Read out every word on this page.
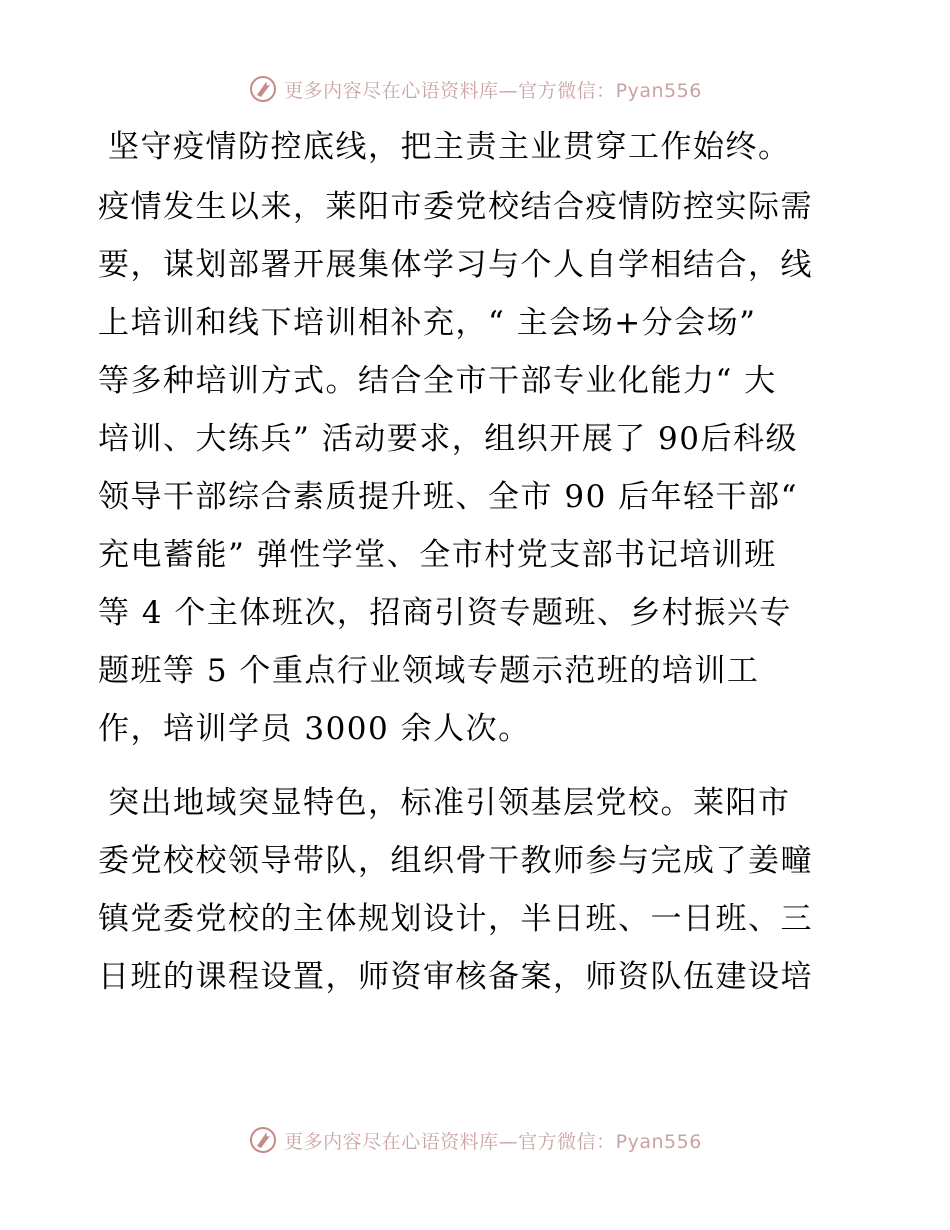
更多内容尽在心语资料库—官方微信：Pyan556
坚守疫情防控底线，把主责主业贯穿工作始终。
疫情发生以来，莱阳市委党校结合疫情防控实际需
要，谋划部署开展集体学习与个人自学相结合，线
上培训和线下培训相补充，“ 主会场+分会场”
等多种培训方式。结合全市干部专业化能力“ 大
培训、大练兵” 活动要求，组织开展了 90后科级
领导干部综合素质提升班、全市 90 后年轻干部“
充电蓄能” 弹性学堂、全市村党支部书记培训班
等 4 个主体班次，招商引资专题班、乡村振兴专
题班等 5 个重点行业领域专题示范班的培训工
作，培训学员 3000 余人次。
突出地域突显特色，标准引领基层党校。莱阳市
委党校校领导带队，组织骨干教师参与完成了姜疃
镇党委党校的主体规划设计，半日班、一日班、三
日班的课程设置，师资审核备案，师资队伍建设培
更多内容尽在心语资料库—官方微信：Pyan556
